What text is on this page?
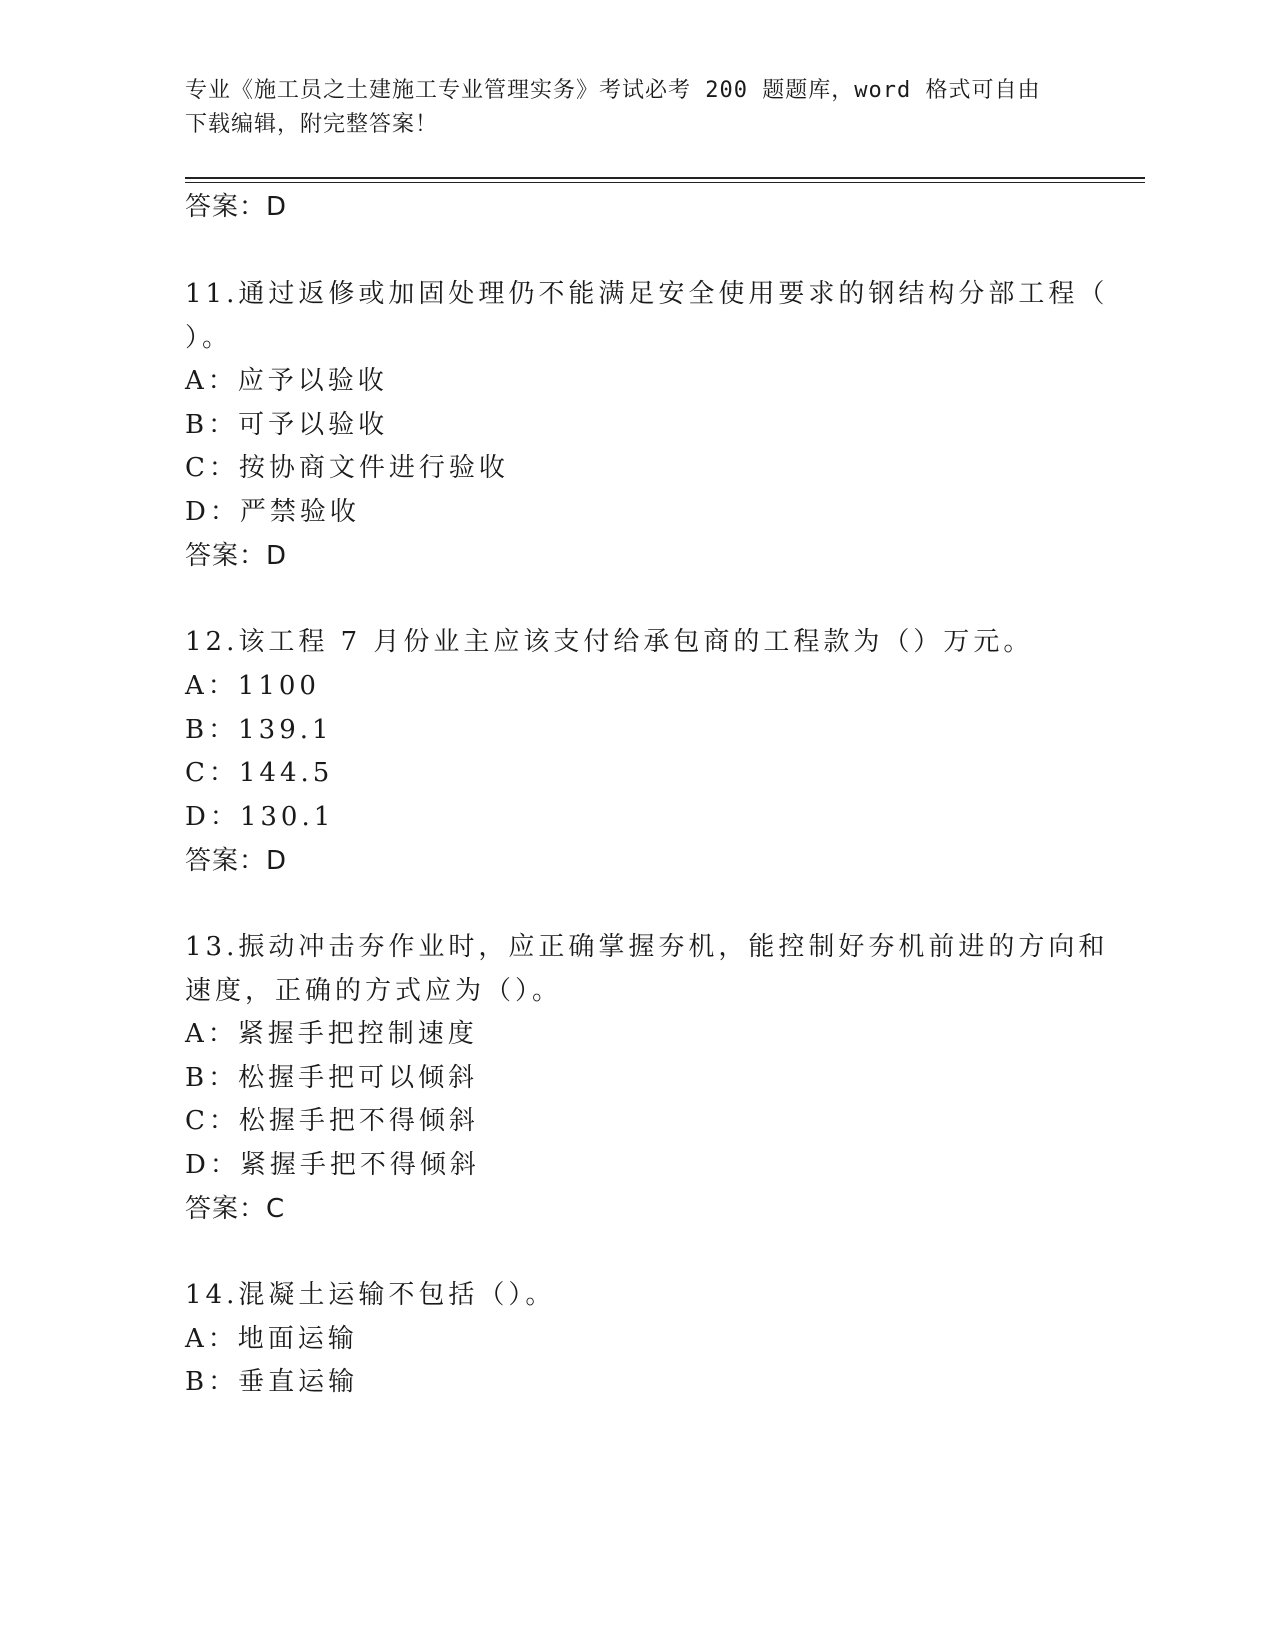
专业《施工员之土建施工专业管理实务》考试必考 200 题题库，word 格式可自由
下载编辑，附完整答案！
答案：D
11.通过返修或加固处理仍不能满足安全使用要求的钢结构分部工程（
）。
A：应予以验收
B：可予以验收
C：按协商文件进行验收
D：严禁验收
答案：D
12.该工程 7 月份业主应该支付给承包商的工程款为（）万元。
A：1100
B：139.1
C：144.5
D：130.1
答案：D
13.振动冲击夯作业时，应正确掌握夯机，能控制好夯机前进的方向和
速度，正确的方式应为（）。
A：紧握手把控制速度
B：松握手把可以倾斜
C：松握手把不得倾斜
D：紧握手把不得倾斜
答案：C
14.混凝土运输不包括（）。
A：地面运输
B：垂直运输
